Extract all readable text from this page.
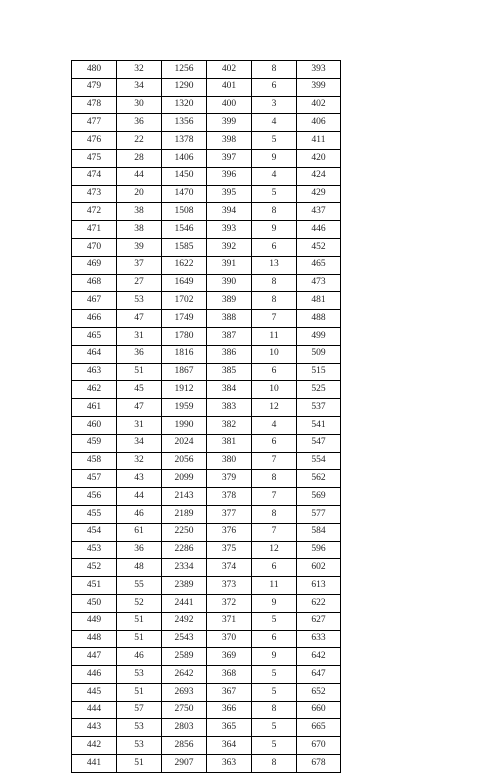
480	32	1256	402	8	393
479	34	1290	401	6	399
478	30	1320	400	3	402
477	36	1356	399	4	406
476	22	1378	398	5	411
475	28	1406	397	9	420
474	44	1450	396	4	424
473	20	1470	395	5	429
472	38	1508	394	8	437
471	38	1546	393	9	446
470	39	1585	392	6	452
469	37	1622	391	13	465
468	27	1649	390	8	473
467	53	1702	389	8	481
466	47	1749	388	7	488
465	31	1780	387	11	499
464	36	1816	386	10	509
463	51	1867	385	6	515
462	45	1912	384	10	525
461	47	1959	383	12	537
460	31	1990	382	4	541
459	34	2024	381	6	547
458	32	2056	380	7	554
457	43	2099	379	8	562
456	44	2143	378	7	569
455	46	2189	377	8	577
454	61	2250	376	7	584
453	36	2286	375	12	596
452	48	2334	374	6	602
451	55	2389	373	11	613
450	52	2441	372	9	622
449	51	2492	371	5	627
448	51	2543	370	6	633
447	46	2589	369	9	642
446	53	2642	368	5	647
445	51	2693	367	5	652
444	57	2750	366	8	660
443	53	2803	365	5	665
442	53	2856	364	5	670
441	51	2907	363	8	678
